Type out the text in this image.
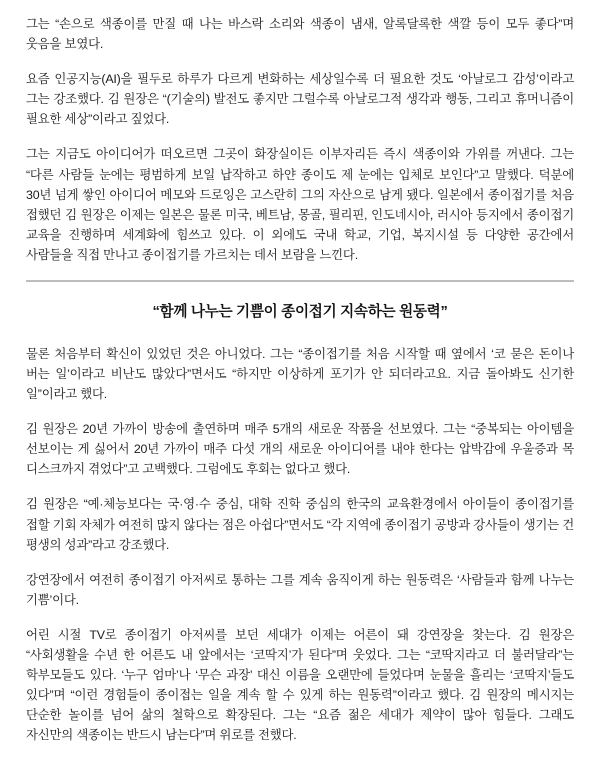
그는 “손으로 색종이를 만질 때 나는 바스락 소리와 색종이 냄새, 알록달록한 색깔 등이 모두 좋다”며 웃음을 보였다.

요즘 인공지능(AI)을 필두로 하루가 다르게 변화하는 세상일수록 더 필요한 것도 ‘아날로그 감성’이라고 그는 강조했다. 김 원장은 “(기술의) 발전도 좋지만 그럴수록 아날로그적 생각과 행동, 그리고 휴머니즘이 필요한 세상”이라고 짚었다.

그는 지금도 아이디어가 떠오르면 그곳이 화장실이든 이부자리든 즉시 색종이와 가위를 꺼낸다. 그는 “다른 사람들 눈에는 평범하게 보일 납작하고 하얀 종이도 제 눈에는 입체로 보인다”고 말했다. 덕분에 30년 넘게 쌓인 아이디어 메모와 드로잉은 고스란히 그의 자산으로 남게 됐다. 일본에서 종이접기를 처음 접했던 김 원장은 이제는 일본은 물론 미국, 베트남, 몽골, 필리핀, 인도네시아, 러시아 등지에서 종이접기 교육을 진행하며 세계화에 힘쓰고 있다. 이 외에도 국내 학교, 기업, 복지시설 등 다양한 공간에서 사람들을 직접 만나고 종이접기를 가르치는 데서 보람을 느낀다.

“함께 나누는 기쁨이 종이접기 지속하는 원동력”

물론 처음부터 확신이 있었던 것은 아니었다. 그는 “종이접기를 처음 시작할 때 옆에서 ‘코 묻은 돈이나 버는 일’이라고 비난도 많았다”면서도 “하지만 이상하게 포기가 안 되더라고요. 지금 돌아봐도 신기한 일”이라고 했다.

김 원장은 20년 가까이 방송에 출연하며 매주 5개의 새로운 작품을 선보였다. 그는 “중복되는 아이템을 선보이는 게 싫어서 20년 가까이 매주 다섯 개의 새로운 아이디어를 내야 한다는 압박감에 우울증과 목 디스크까지 겪었다”고 고백했다. 그럼에도 후회는 없다고 했다.

김 원장은 “예·체능보다는 국·영·수 중심, 대학 진학 중심의 한국의 교육환경에서 아이들이 종이접기를 접할 기회 자체가 여전히 많지 않다는 점은 아쉽다”면서도 “각 지역에 종이접기 공방과 강사들이 생기는 건 평생의 성과”라고 강조했다.

강연장에서 여전히 종이접기 아저씨로 통하는 그를 계속 움직이게 하는 원동력은 ‘사람들과 함께 나누는 기쁨’이다.

어린 시절 TV로 종이접기 아저씨를 보던 세대가 이제는 어른이 돼 강연장을 찾는다. 김 원장은 “사회생활을 수년 한 어른도 내 앞에서는 ‘코딱지’가 된다”며 웃었다. 그는 “코딱지라고 더 불러달라”는 학부모들도 있다. ‘누구 엄마’나 ‘무슨 과장’ 대신 이름을 오랜만에 들었다며 눈물을 흘리는 ‘코딱지’들도 있다”며 “이런 경험들이 종이접는 일을 계속 할 수 있게 하는 원동력”이라고 했다. 김 원장의 메시지는 단순한 놀이를 넘어 삶의 철학으로 확장된다. 그는 “요즘 젊은 세대가 제약이 많아 힘들다. 그래도 자신만의 색종이는 반드시 남는다”며 위로를 전했다.
